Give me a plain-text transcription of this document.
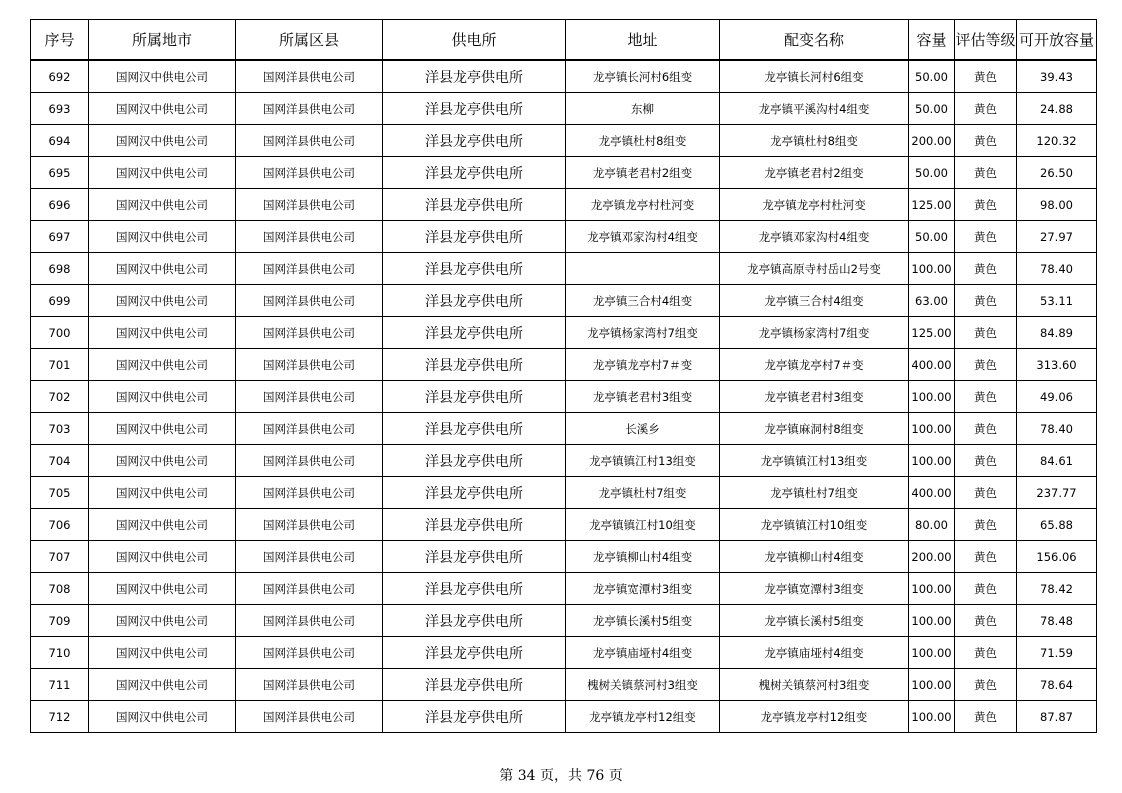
序号	所属地市	所属区县	供电所	地址	配变名称	容量	评估等级	可开放容量
692	国网汉中供电公司	国网洋县供电公司	洋县龙亭供电所	龙亭镇长河村6组变	龙亭镇长河村6组变	50.00	黄色	39.43
693	国网汉中供电公司	国网洋县供电公司	洋县龙亭供电所	东柳	龙亭镇平溪沟村4组变	50.00	黄色	24.88
694	国网汉中供电公司	国网洋县供电公司	洋县龙亭供电所	龙亭镇杜村8组变	龙亭镇杜村8组变	200.00	黄色	120.32
695	国网汉中供电公司	国网洋县供电公司	洋县龙亭供电所	龙亭镇老君村2组变	龙亭镇老君村2组变	50.00	黄色	26.50
696	国网汉中供电公司	国网洋县供电公司	洋县龙亭供电所	龙亭镇龙亭村杜河变	龙亭镇龙亭村杜河变	125.00	黄色	98.00
697	国网汉中供电公司	国网洋县供电公司	洋县龙亭供电所	龙亭镇邓家沟村4组变	龙亭镇邓家沟村4组变	50.00	黄色	27.97
698	国网汉中供电公司	国网洋县供电公司	洋县龙亭供电所		龙亭镇高原寺村岳山2号变	100.00	黄色	78.40
699	国网汉中供电公司	国网洋县供电公司	洋县龙亭供电所	龙亭镇三合村4组变	龙亭镇三合村4组变	63.00	黄色	53.11
700	国网汉中供电公司	国网洋县供电公司	洋县龙亭供电所	龙亭镇杨家湾村7组变	龙亭镇杨家湾村7组变	125.00	黄色	84.89
701	国网汉中供电公司	国网洋县供电公司	洋县龙亭供电所	龙亭镇龙亭村7＃变	龙亭镇龙亭村7＃变	400.00	黄色	313.60
702	国网汉中供电公司	国网洋县供电公司	洋县龙亭供电所	龙亭镇老君村3组变	龙亭镇老君村3组变	100.00	黄色	49.06
703	国网汉中供电公司	国网洋县供电公司	洋县龙亭供电所	长溪乡	龙亭镇麻洞村8组变	100.00	黄色	78.40
704	国网汉中供电公司	国网洋县供电公司	洋县龙亭供电所	龙亭镇镇江村13组变	龙亭镇镇江村13组变	100.00	黄色	84.61
705	国网汉中供电公司	国网洋县供电公司	洋县龙亭供电所	龙亭镇杜村7组变	龙亭镇杜村7组变	400.00	黄色	237.77
706	国网汉中供电公司	国网洋县供电公司	洋县龙亭供电所	龙亭镇镇江村10组变	龙亭镇镇江村10组变	80.00	黄色	65.88
707	国网汉中供电公司	国网洋县供电公司	洋县龙亭供电所	龙亭镇柳山村4组变	龙亭镇柳山村4组变	200.00	黄色	156.06
708	国网汉中供电公司	国网洋县供电公司	洋县龙亭供电所	龙亭镇宽潭村3组变	龙亭镇宽潭村3组变	100.00	黄色	78.42
709	国网汉中供电公司	国网洋县供电公司	洋县龙亭供电所	龙亭镇长溪村5组变	龙亭镇长溪村5组变	100.00	黄色	78.48
710	国网汉中供电公司	国网洋县供电公司	洋县龙亭供电所	龙亭镇庙垭村4组变	龙亭镇庙垭村4组变	100.00	黄色	71.59
711	国网汉中供电公司	国网洋县供电公司	洋县龙亭供电所	槐树关镇蔡河村3组变	槐树关镇蔡河村3组变	100.00	黄色	78.64
712	国网汉中供电公司	国网洋县供电公司	洋县龙亭供电所	龙亭镇龙亭村12组变	龙亭镇龙亭村12组变	100.00	黄色	87.87
第 34 页，共 76 页
